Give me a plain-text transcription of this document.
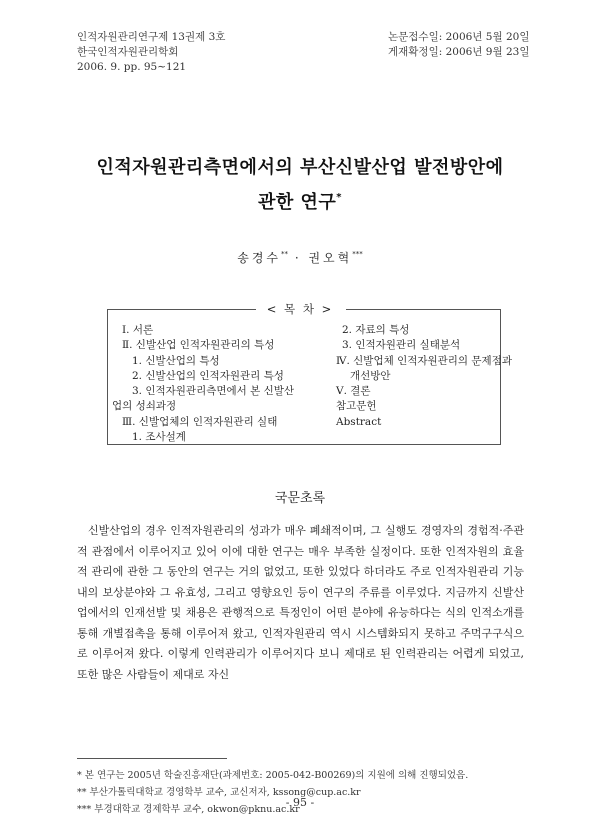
인적자원관리연구제 13권제 3호
한국인적자원관리학회
2006. 9. pp. 95∼121
논문접수일: 2006년 5월 20일
게재확정일: 2006년 9월 23일
인적자원관리측면에서의 부산신발산업 발전방안에
관한 연구*
송경수** · 권오혁***
< 목 차 >
Ⅰ. 서론
Ⅱ. 신발산업 인적자원관리의 특성
1. 신발산업의 특성
2. 신발산업의 인적자원관리 특성
3. 인적자원관리측면에서 본 신발산
업의 성쇠과정
Ⅲ. 신발업체의 인적자원관리 실태
1. 조사설계
2. 자료의 특성
3. 인적자원관리 실태분석
Ⅳ. 신발업체 인적자원관리의 문제점과
개선방안
Ⅴ. 결론
참고문헌
Abstract
국문초록
신발산업의 경우 인적자원관리의 성과가 매우 폐쇄적이며, 그 실행도 경영자의 경험적·주관적 관점에서 이루어지고 있어 이에 대한 연구는 매우 부족한 실정이다. 또한 인적자원의 효율적 관리에 관한 그 동안의 연구는 거의 없었고, 또한 있었다 하더라도 주로 인적자원관리 기능 내의 보상분야와 그 유효성, 그리고 영향요인 등이 연구의 주류를 이루었다. 지금까지 신발산업에서의 인재선발 및 채용은 관행적으로 특정인이 어떤 분야에 유능하다는 식의 인적소개를 통해 개별접촉을 통해 이루어져 왔고, 인적자원관리 역시 시스템화되지 못하고 주먹구구식으로 이루어져 왔다. 이렇게 인력관리가 이루어지다 보니 제대로 된 인력관리는 어렵게 되었고, 또한 많은 사람들이 제대로 자신
* 본 연구는 2005년 학술진흥재단(과제번호: 2005-042-B00269)의 지원에 의해 진행되었음.
** 부산가톨릭대학교 경영학부 교수, 교신저자, kssong@cup.ac.kr
*** 부경대학교 경제학부 교수, okwon@pknu.ac.kr
- 95 -
